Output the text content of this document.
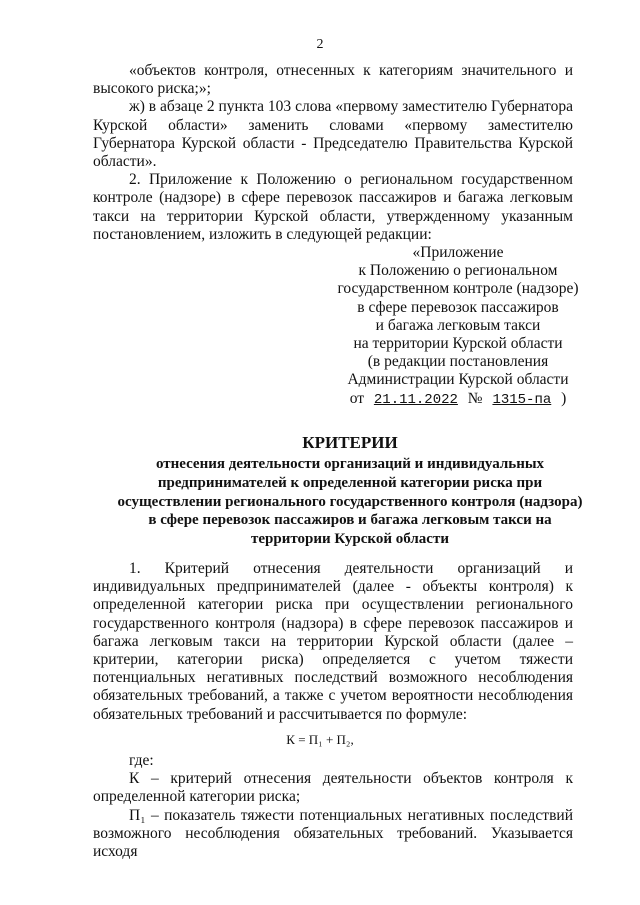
2

«объектов контроля, отнесенных к категориям значительного и высокого риска;»;

ж) в абзаце 2 пункта 103 слова «первому заместителю Губернатора Курской области» заменить словами «первому заместителю Губернатора Курской области - Председателю Правительства Курской области».

2. Приложение к Положению о региональном государственном контроле (надзоре) в сфере перевозок пассажиров и багажа легковым такси на территории Курской области, утвержденному указанным постановлением, изложить в следующей редакции:

«Приложение
к Положению о региональном
государственном контроле (надзоре)
в сфере перевозок пассажиров
и багажа легковым такси
на территории Курской области
(в редакции постановления
Администрации Курской области
от 21.11.2022 № 1315-па )
КРИТЕРИИ
отнесения деятельности организаций и индивидуальных
предпринимателей к определенной категории риска при
осуществлении регионального государственного контроля (надзора)
в сфере перевозок пассажиров и багажа легковым такси на
территории Курской области

1. Критерий отнесения деятельности организаций и индивидуальных предпринимателей (далее - объекты контроля) к определенной категории риска при осуществлении регионального государственного контроля (надзора) в сфере перевозок пассажиров и багажа легковым такси на территории Курской области (далее – критерии, категории риска) определяется с учетом тяжести потенциальных негативных последствий возможного несоблюдения обязательных требований, а также с учетом вероятности несоблюдения обязательных требований и рассчитывается по формуле:

К = П₁ + П₂,

где:

К – критерий отнесения деятельности объектов контроля к определенной категории риска;

П₁ – показатель тяжести потенциальных негативных последствий возможного несоблюдения обязательных требований. Указывается исходя
